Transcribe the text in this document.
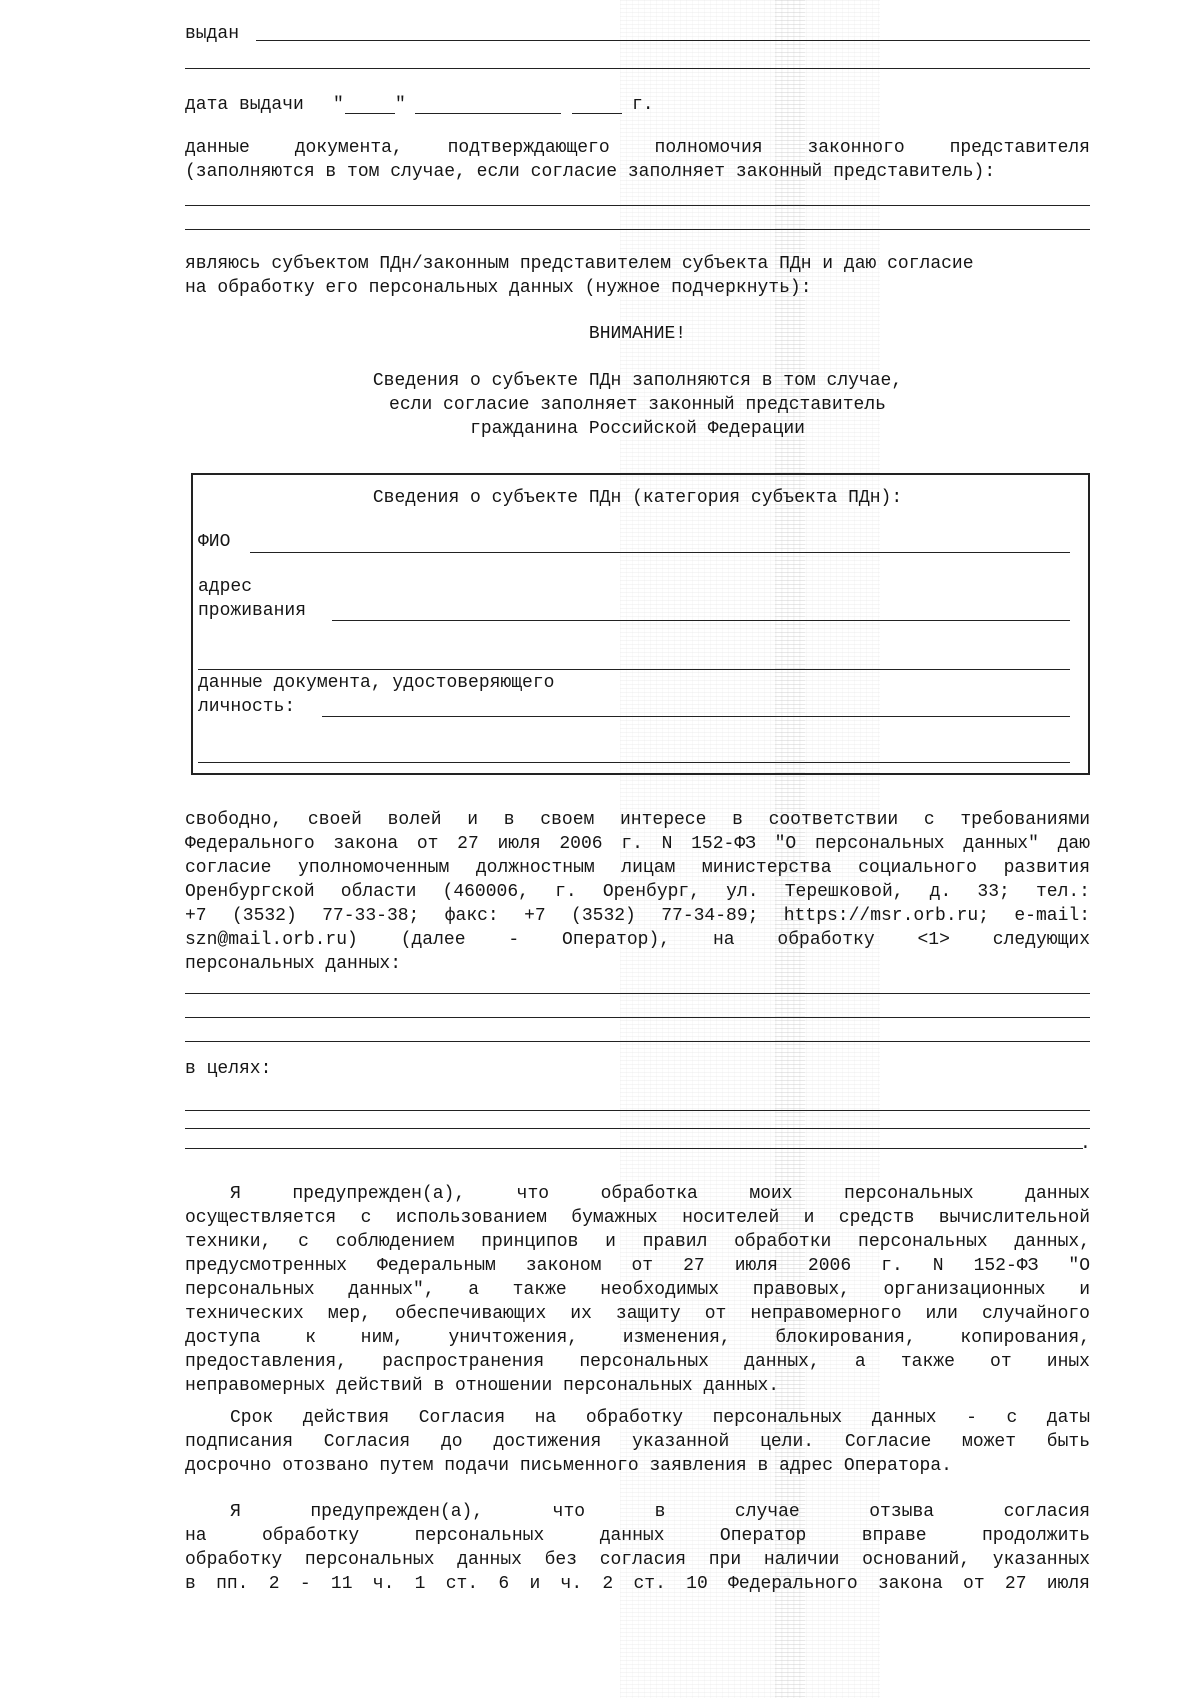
выдан
дата выдачи "	"	г.
данные документа, подтверждающего полномочия законного представителя
(заполняются в том случае, если согласие заполняет законный представитель):
являюсь субъектом ПДн/законным представителем субъекта ПДн и даю согласие
на обработку его персональных данных (нужное подчеркнуть):
ВНИМАНИЕ!
Сведения о субъекте ПДн заполняются в том случае,
если согласие заполняет законный представитель
гражданина Российской Федерации
Сведения о субъекте ПДн (категория субъекта ПДн):
ФИО
адрес
проживания
данные документа, удостоверяющего
личность:
свободно, своей волей и в своем интересе в соответствии с требованиями
Федерального закона от 27 июля 2006 г. N 152-ФЗ "О персональных данных" даю
согласие уполномоченным должностным лицам министерства социального развития
Оренбургской области (460006, г. Оренбург, ул. Терешковой, д. 33; тел.:
+7 (3532) 77-33-38; факс: +7 (3532) 77-34-89; https://msr.orb.ru; e-mail:
szn@mail.orb.ru) (далее - Оператор), на обработку <1> следующих
персональных данных:
в целях:
.
Я предупрежден(а), что обработка моих персональных данных
осуществляется с использованием бумажных носителей и средств вычислительной
техники, с соблюдением принципов и правил обработки персональных данных,
предусмотренных Федеральным законом от 27 июля 2006 г. N 152-ФЗ "О
персональных данных", а также необходимых правовых, организационных и
технических мер, обеспечивающих их защиту от неправомерного или случайного
доступа к ним, уничтожения, изменения, блокирования, копирования,
предоставления, распространения персональных данных, а также от иных
неправомерных действий в отношении персональных данных.
Срок действия Согласия на обработку персональных данных - с даты
подписания Согласия до достижения указанной цели. Согласие может быть
досрочно отозвано путем подачи письменного заявления в адрес Оператора.
Я предупрежден(а), что в случае отзыва согласия
на обработку персональных данных Оператор вправе продолжить
обработку персональных данных без согласия при наличии оснований, указанных
в пп. 2 - 11 ч. 1 ст. 6 и ч. 2 ст. 10 Федерального закона от 27 июля
